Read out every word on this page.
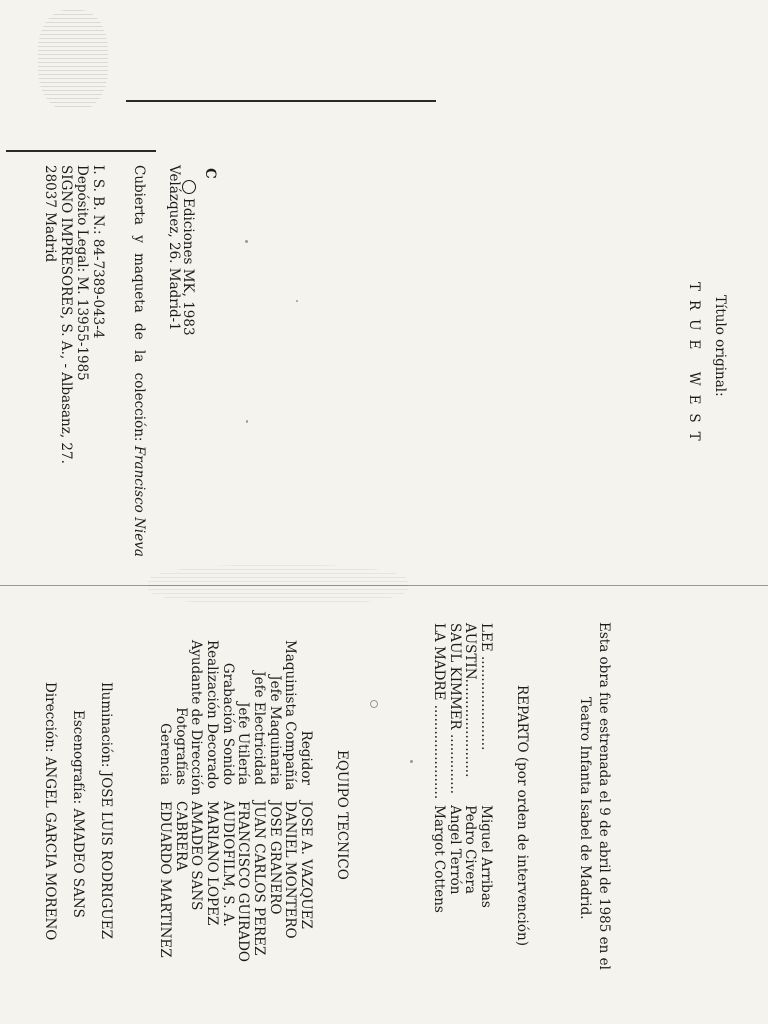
Título original:
TRUE WEST
Esta obra fue estrenada el 9 de abril de 1985 en el
Teatro Infanta Isabel de Madrid.
REPARTO (por orden de intervención)
LEE ......................
AUSTIN.......................
SAUL KIMMER ..............
LA MADRE ......................
Miguel Arribas
Pedro Civera
Angel Terrón
Margot Cottens
EQUIPO TECNICO
Regidor
Maquinista Compañía
Jefe Maquinaria
Jefe Electricidad
Jefe Utilería
Grabación Sonido
Realización Decorado
Ayudante de Dirección
Fotografías
Gerencia
JOSE A. VAZQUEZ
DANIEL MONTERO
JOSE GRANERO
JUAN CARLOS PEREZ
FRANCISCO GUIRADO
AUDIOFILM, S. A.
MARIANO LOPEZ
AMADEO SANS
CABRERA
EDUARDO MARTINEZ
Iluminación: JOSE LUIS RODRIGUEZ
Escenografía: AMADEO SANS
Dirección: ANGEL GARCIA MORENO
C
Ediciones MK, 1983
Velázquez, 26. Madrid-1
Cubierta y maqueta de la colección: Francisco Nieva
I. S. B. N.: 84-7389-043-4
Depósito Legal: M. 13955-1985
SIGNO IMPRESORES, S. A., - Albasanz, 27.
28037 Madrid
